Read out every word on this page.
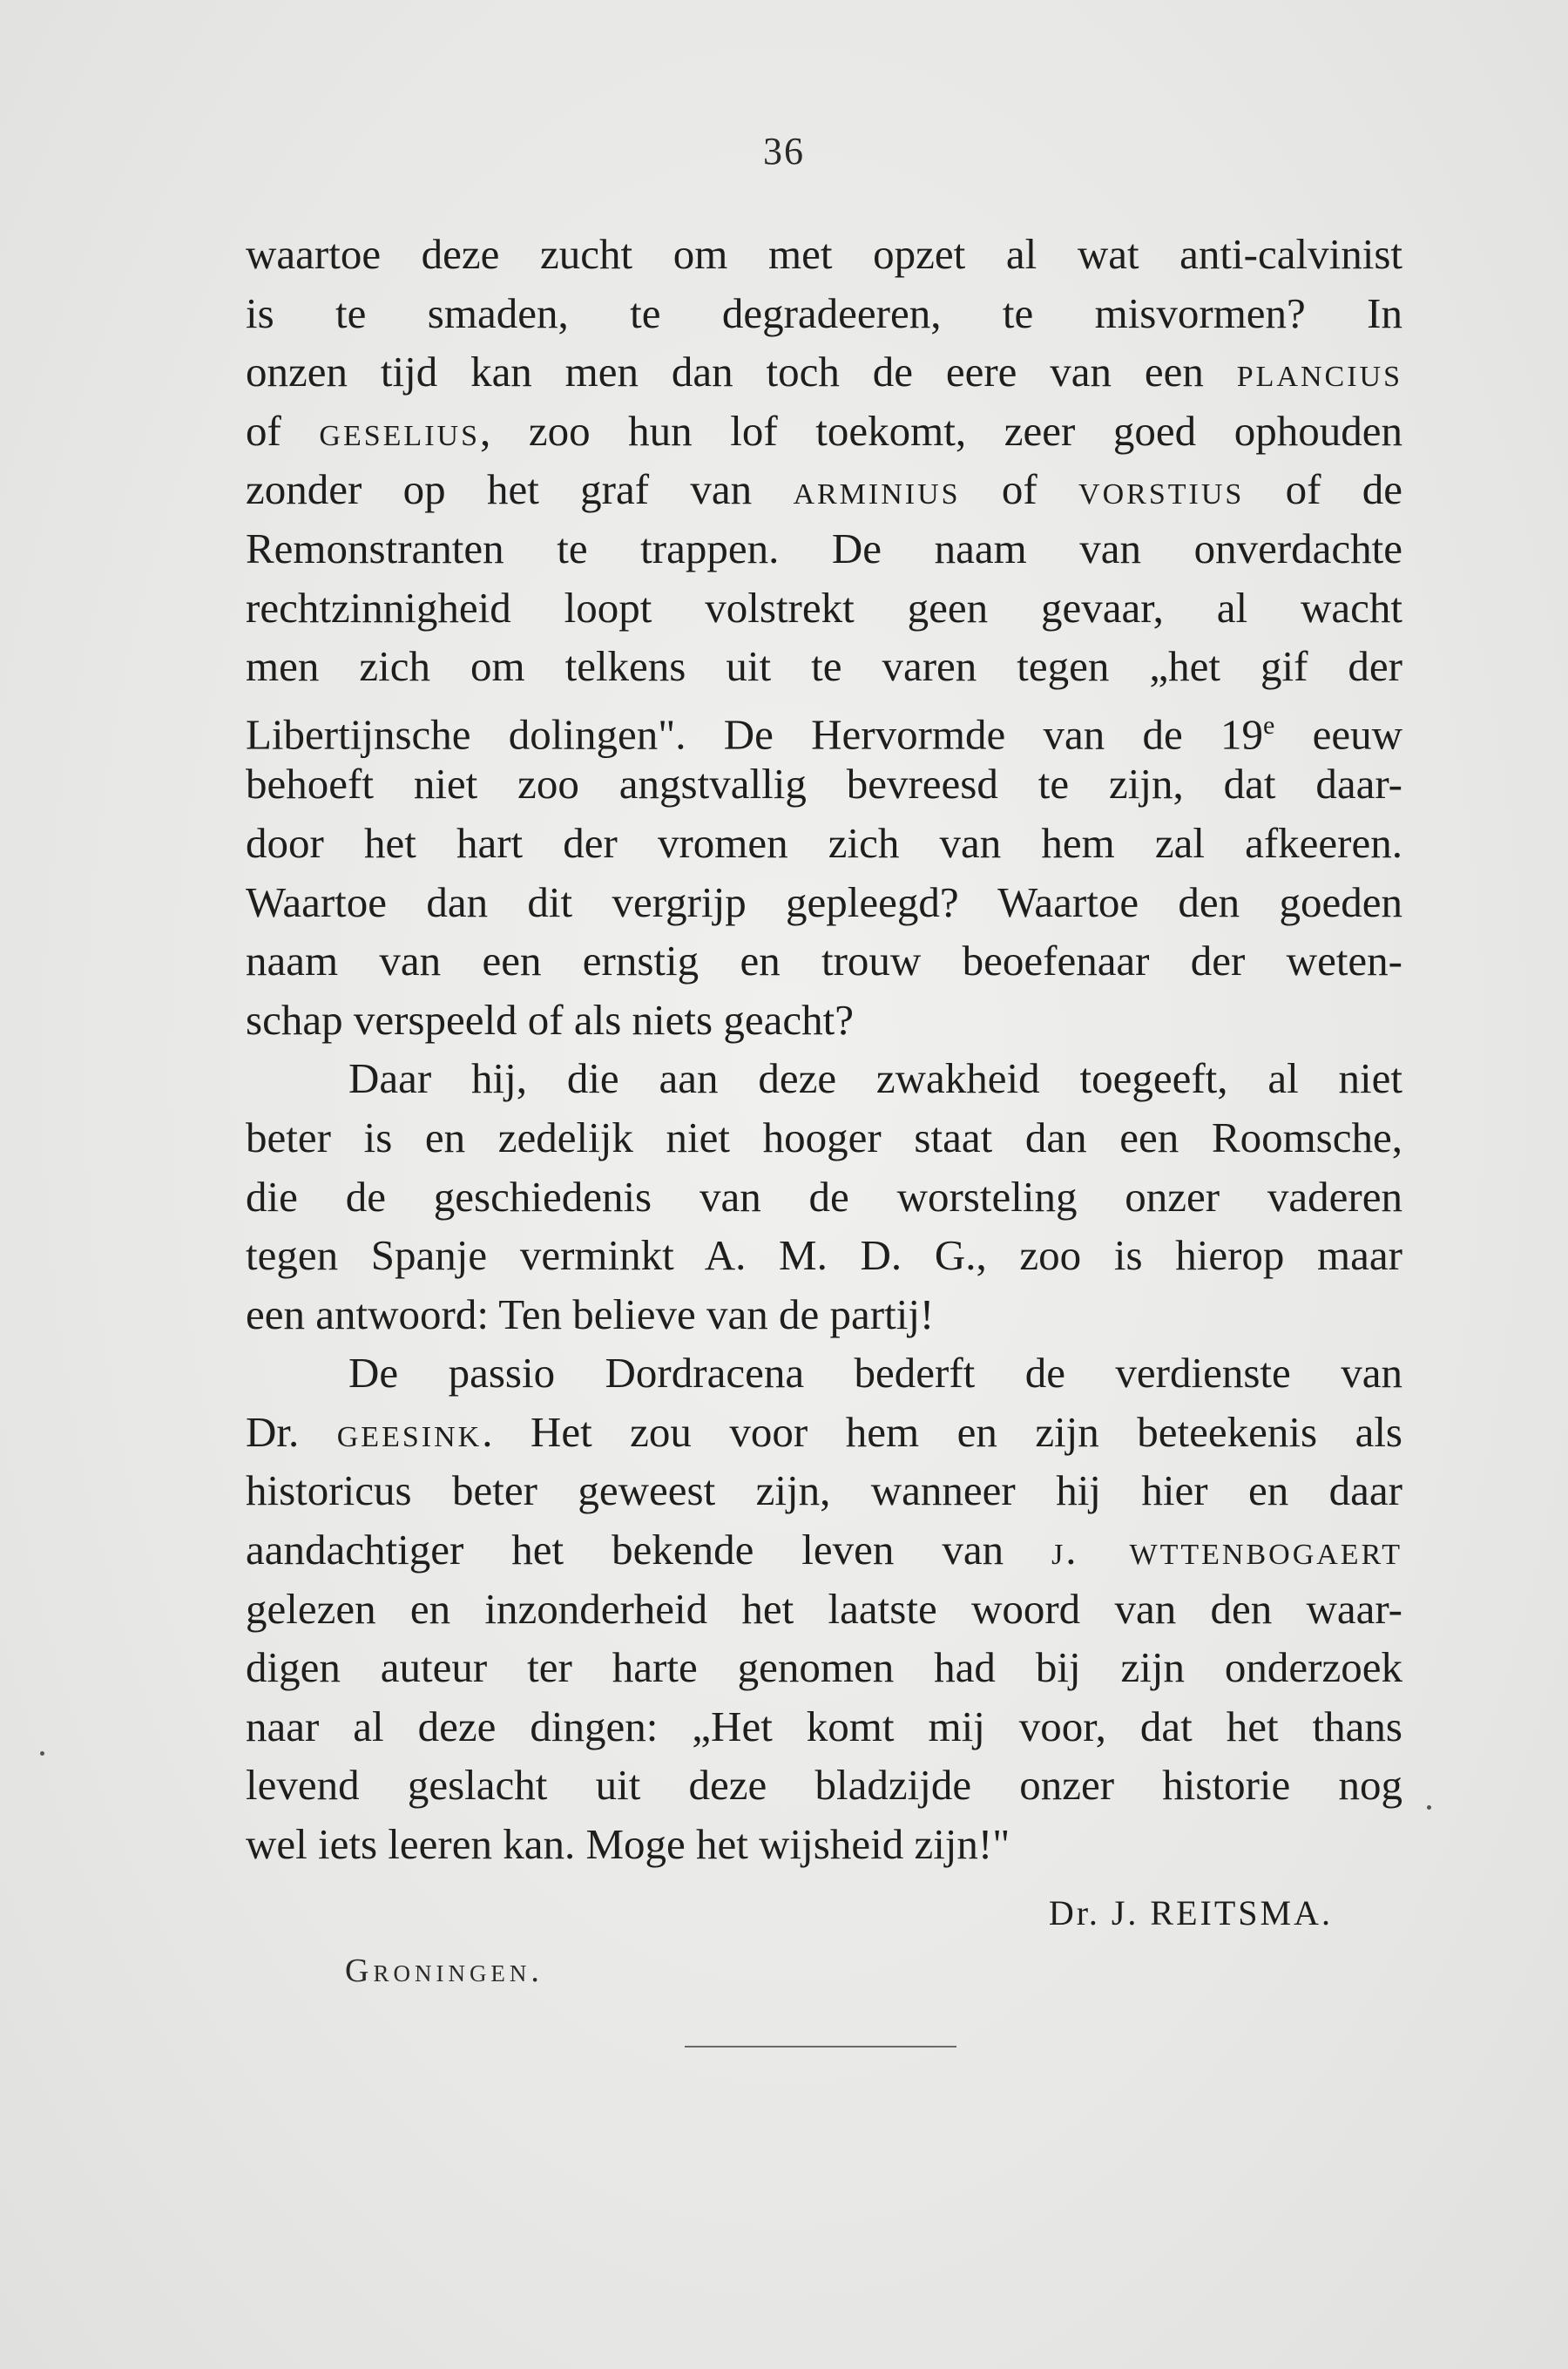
36
waartoe deze zucht om met opzet al wat anti-calvinist
is te smaden, te degradeeren, te misvormen? In
onzen tijd kan men dan toch de eere van een plancius
of geselius, zoo hun lof toekomt, zeer goed ophouden
zonder op het graf van arminius of vorstius of de
Remonstranten te trappen. De naam van onverdachte
rechtzinnigheid loopt volstrekt geen gevaar, al wacht
men zich om telkens uit te varen tegen „het gif der
Libertijnsche dolingen". De Hervormde van de 19e eeuw
behoeft niet zoo angstvallig bevreesd te zijn, dat daar-
door het hart der vromen zich van hem zal afkeeren.
Waartoe dan dit vergrijp gepleegd? Waartoe den goeden
naam van een ernstig en trouw beoefenaar der weten-
schap verspeeld of als niets geacht?
Daar hij, die aan deze zwakheid toegeeft, al niet
beter is en zedelijk niet hooger staat dan een Roomsche,
die de geschiedenis van de worsteling onzer vaderen
tegen Spanje verminkt A. M. D. G., zoo is hierop maar
een antwoord: Ten believe van de partij!
De passio Dordracena bederft de verdienste van
Dr. geesink. Het zou voor hem en zijn beteekenis als
historicus beter geweest zijn, wanneer hij hier en daar
aandachtiger het bekende leven van j. wttenbogaert
gelezen en inzonderheid het laatste woord van den waar-
digen auteur ter harte genomen had bij zijn onderzoek
naar al deze dingen: „Het komt mij voor, dat het thans
levend geslacht uit deze bladzijde onzer historie nog
wel iets leeren kan. Moge het wijsheid zijn!"
Dr. J. REITSMA.
Groningen.
